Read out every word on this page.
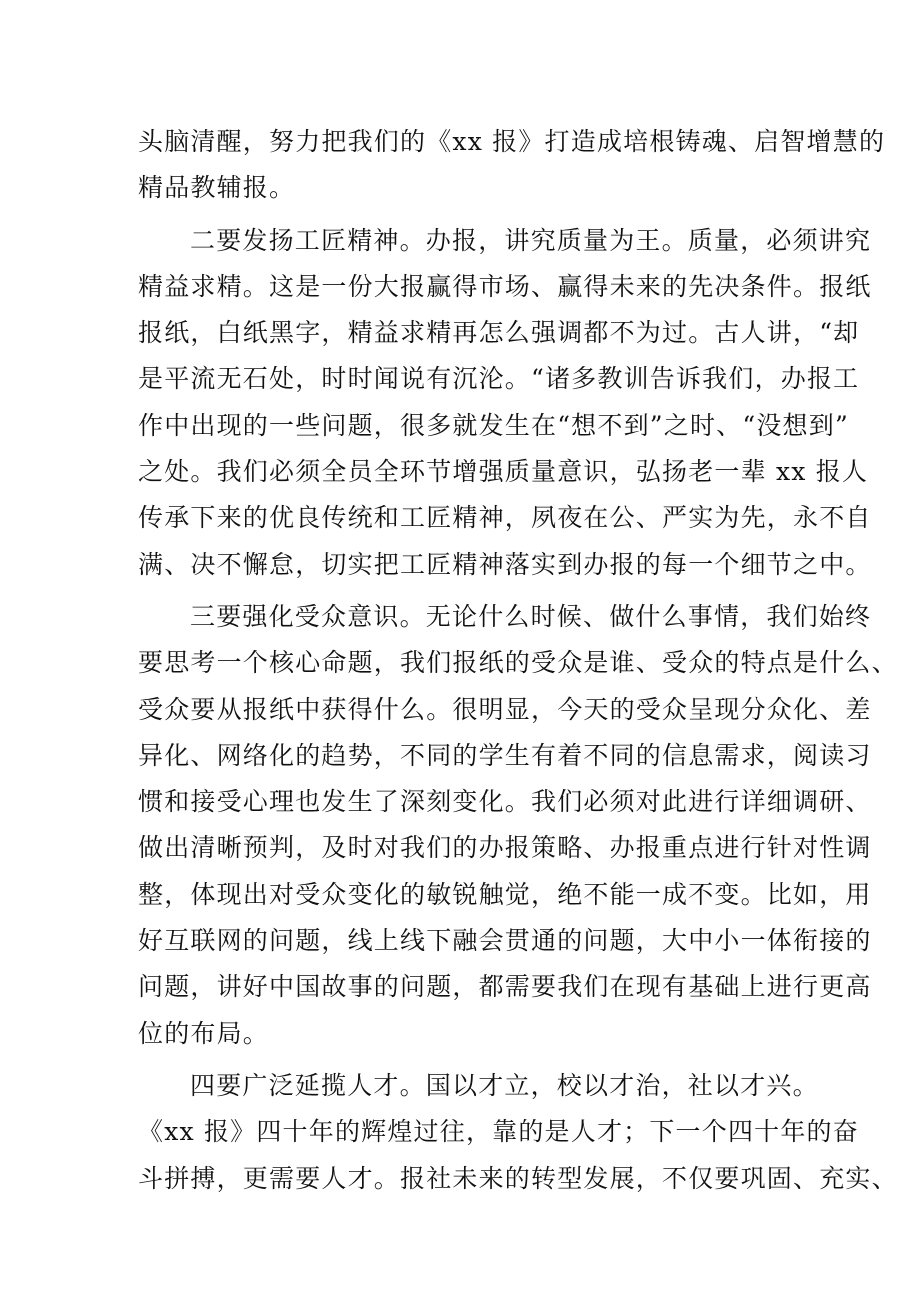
头脑清醒，努力把我们的《xx 报》打造成培根铸魂、启智增慧的
精品教辅报。
二要发扬工匠精神。办报，讲究质量为王。质量，必须讲究
精益求精。这是一份大报赢得市场、赢得未来的先决条件。报纸
报纸，白纸黑字，精益求精再怎么强调都不为过。古人讲，“却
是平流无石处，时时闻说有沉沦。“诸多教训告诉我们，办报工
作中出现的一些问题，很多就发生在“想不到”之时、“没想到”
之处。我们必须全员全环节增强质量意识，弘扬老一辈 xx 报人
传承下来的优良传统和工匠精神，夙夜在公、严实为先，永不自
满、决不懈怠，切实把工匠精神落实到办报的每一个细节之中。
三要强化受众意识。无论什么时候、做什么事情，我们始终
要思考一个核心命题，我们报纸的受众是谁、受众的特点是什么、
受众要从报纸中获得什么。很明显，今天的受众呈现分众化、差
异化、网络化的趋势，不同的学生有着不同的信息需求，阅读习
惯和接受心理也发生了深刻变化。我们必须对此进行详细调研、
做出清晰预判，及时对我们的办报策略、办报重点进行针对性调
整，体现出对受众变化的敏锐触觉，绝不能一成不变。比如，用
好互联网的问题，线上线下融会贯通的问题，大中小一体衔接的
问题，讲好中国故事的问题，都需要我们在现有基础上进行更高
位的布局。
四要广泛延揽人才。国以才立，校以才治，社以才兴。
《xx 报》四十年的辉煌过往，靠的是人才；下一个四十年的奋
斗拼搏，更需要人才。报社未来的转型发展，不仅要巩固、充实、
